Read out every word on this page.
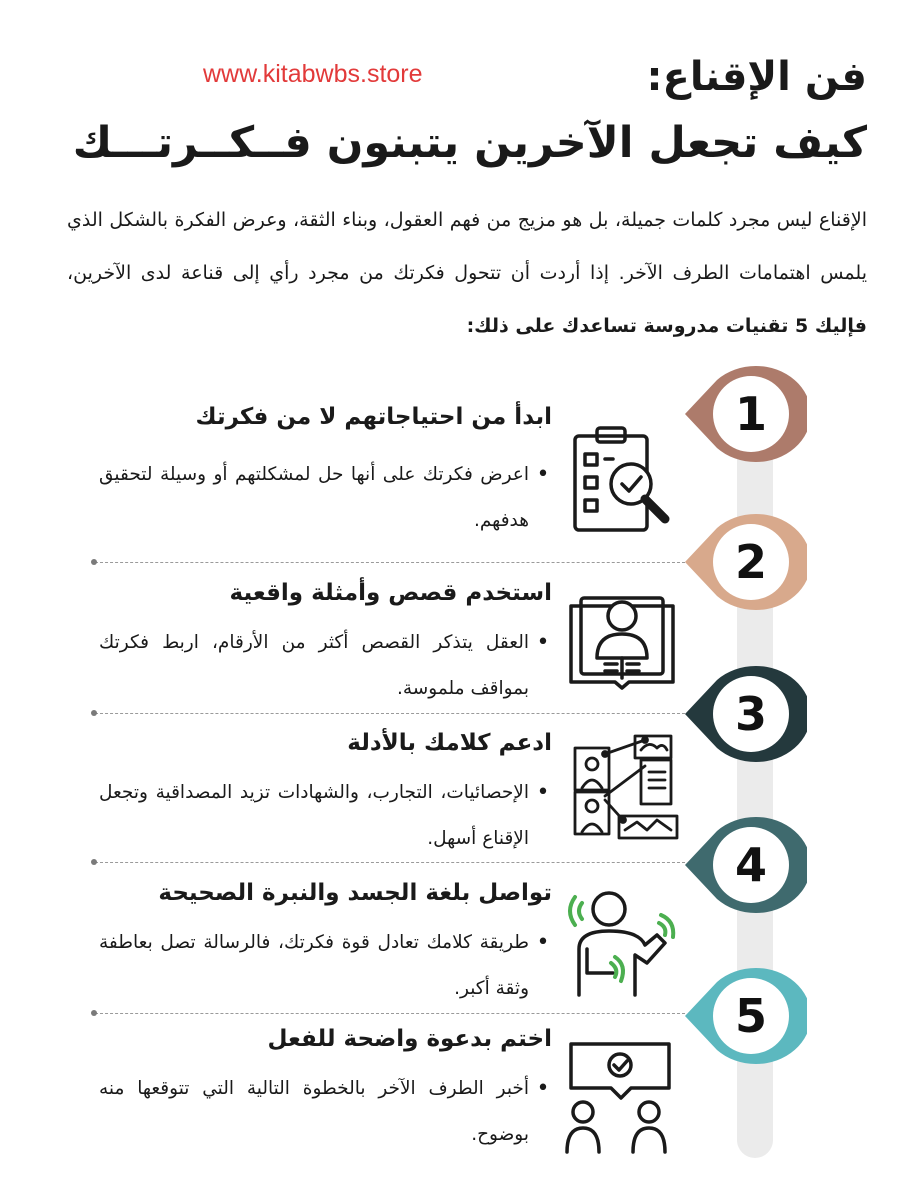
www.kitabwbs.store	فن الإقناع:
كيف تجعل الآخرين يتبنون فــكــرتـــك

الإقناع ليس مجرد كلمات جميلة، بل هو مزيج من فهم العقول، وبناء الثقة، وعرض الفكرة بالشكل الذي يلمس اهتمامات الطرف الآخر. إذا أردت أن تتحول فكرتك من مجرد رأي إلى قناعة لدى الآخرين، فإليك 5 تقنيات مدروسة تساعدك على ذلك:

1
2
3
4
5
ابدأ من احتياجاتهم لا من فكرتك
•
اعرض فكرتك على أنها حل لمشكلتهم أو وسيلة لتحقيق هدفهم.
استخدم قصص وأمثلة واقعية
•
العقل يتذكر القصص أكثر من الأرقام، اربط فكرتك بمواقف ملموسة.
ادعم كلامك بالأدلة
•
الإحصائيات، التجارب، والشهادات تزيد المصداقية وتجعل الإقناع أسهل.
تواصل بلغة الجسد والنبرة الصحيحة
•
طريقة كلامك تعادل قوة فكرتك، فالرسالة تصل بعاطفة وثقة أكبر.
اختم بدعوة واضحة للفعل
•
أخبر الطرف الآخر بالخطوة التالية التي تتوقعها منه بوضوح.
